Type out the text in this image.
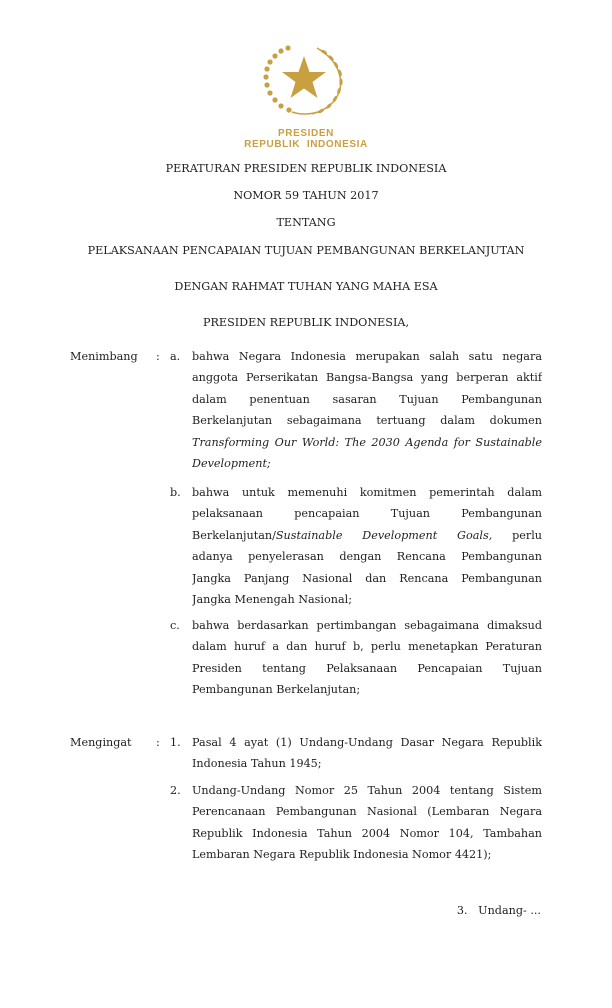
PRESIDEN
REPUBLIK  INDONESIA
PERATURAN PRESIDEN REPUBLIK INDONESIA
NOMOR 59 TAHUN 2017
TENTANG
PELAKSANAAN PENCAPAIAN TUJUAN PEMBANGUNAN BERKELANJUTAN
DENGAN RAHMAT TUHAN YANG MAHA ESA
PRESIDEN REPUBLIK INDONESIA,
Menimbang :
Mengingat :
a. bahwa Negara Indonesia merupakan salah satu negara
anggota Perserikatan Bangsa-Bangsa yang berperan aktif
dalam penentuan sasaran Tujuan Pembangunan
Berkelanjutan sebagaimana tertuang dalam dokumen
Transforming Our World: The 2030 Agenda for Sustainable
Development;
b. bahwa untuk memenuhi komitmen pemerintah dalam
pelaksanaan pencapaian Tujuan Pembangunan
Berkelanjutan/Sustainable Development Goals, perlu
adanya penyelerasan dengan Rencana Pembangunan
Jangka Panjang Nasional dan Rencana Pembangunan
Jangka Menengah Nasional;
c. bahwa berdasarkan pertimbangan sebagaimana dimaksud
dalam huruf a dan huruf b, perlu menetapkan Peraturan
Presiden tentang Pelaksanaan Pencapaian Tujuan
Pembangunan Berkelanjutan;
1. Pasal 4 ayat (1) Undang-Undang Dasar Negara Republik
Indonesia Tahun 1945;
2. Undang-Undang Nomor 25 Tahun 2004 tentang Sistem
Perencanaan Pembangunan Nasional (Lembaran Negara
Republik Indonesia Tahun 2004 Nomor 104, Tambahan
Lembaran Negara Republik Indonesia Nomor 4421);
3.   Undang- ...
